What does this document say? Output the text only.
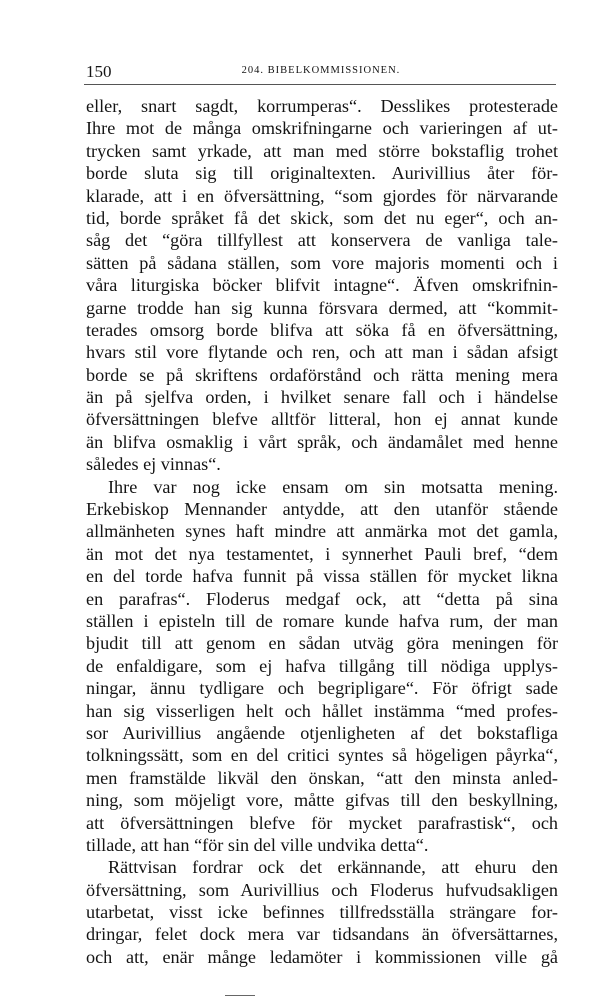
150	204. BIBELKOMMISSIONEN.
eller, snart sagdt, korrumperas“. Desslikes protesterade
Ihre mot de många omskrifningarne och varieringen af ut-
trycken samt yrkade, att man med större bokstaflig trohet
borde sluta sig till originaltexten. Aurivillius åter för-
klarade, att i en öfversättning, “som gjordes för närvarande
tid, borde språket få det skick, som det nu eger“, och an-
såg det “göra tillfyllest att konservera de vanliga tale-
sätten på sådana ställen, som vore majoris momenti och i
våra liturgiska böcker blifvit intagne“. Äfven omskrifnin-
garne trodde han sig kunna försvara dermed, att “kommit-
terades omsorg borde blifva att söka få en öfversättning,
hvars stil vore flytande och ren, och att man i sådan afsigt
borde se på skriftens ordaförstånd och rätta mening mera
än på sjelfva orden, i hvilket senare fall och i händelse
öfversättningen blefve alltför litteral, hon ej annat kunde
än blifva osmaklig i vårt språk, och ändamålet med henne
således ej vinnas“.
Ihre var nog icke ensam om sin motsatta mening.
Erkebiskop Mennander antydde, att den utanför stående
allmänheten synes haft mindre att anmärka mot det gamla,
än mot det nya testamentet, i synnerhet Pauli bref, “dem
en del torde hafva funnit på vissa ställen för mycket likna
en parafras“. Floderus medgaf ock, att “detta på sina
ställen i episteln till de romare kunde hafva rum, der man
bjudit till att genom en sådan utväg göra meningen för
de enfaldigare, som ej hafva tillgång till nödiga upplys-
ningar, ännu tydligare och begripligare“. För öfrigt sade
han sig visserligen helt och hållet instämma “med profes-
sor Aurivillius angående otjenligheten af det bokstafliga
tolkningssätt, som en del critici syntes så högeligen påyrka“,
men framstälde likväl den önskan, “att den minsta anled-
ning, som möjeligt vore, måtte gifvas till den beskyllning,
att öfversättningen blefve för mycket parafrastisk“, och
tillade, att han “för sin del ville undvika detta“.
Rättvisan fordrar ock det erkännande, att ehuru den
öfversättning, som Aurivillius och Floderus hufvudsakligen
utarbetat, visst icke befinnes tillfredsställa strängare for-
dringar, felet dock mera var tidsandans än öfversättarnes,
och att, enär månge ledamöter i kommissionen ville gå
